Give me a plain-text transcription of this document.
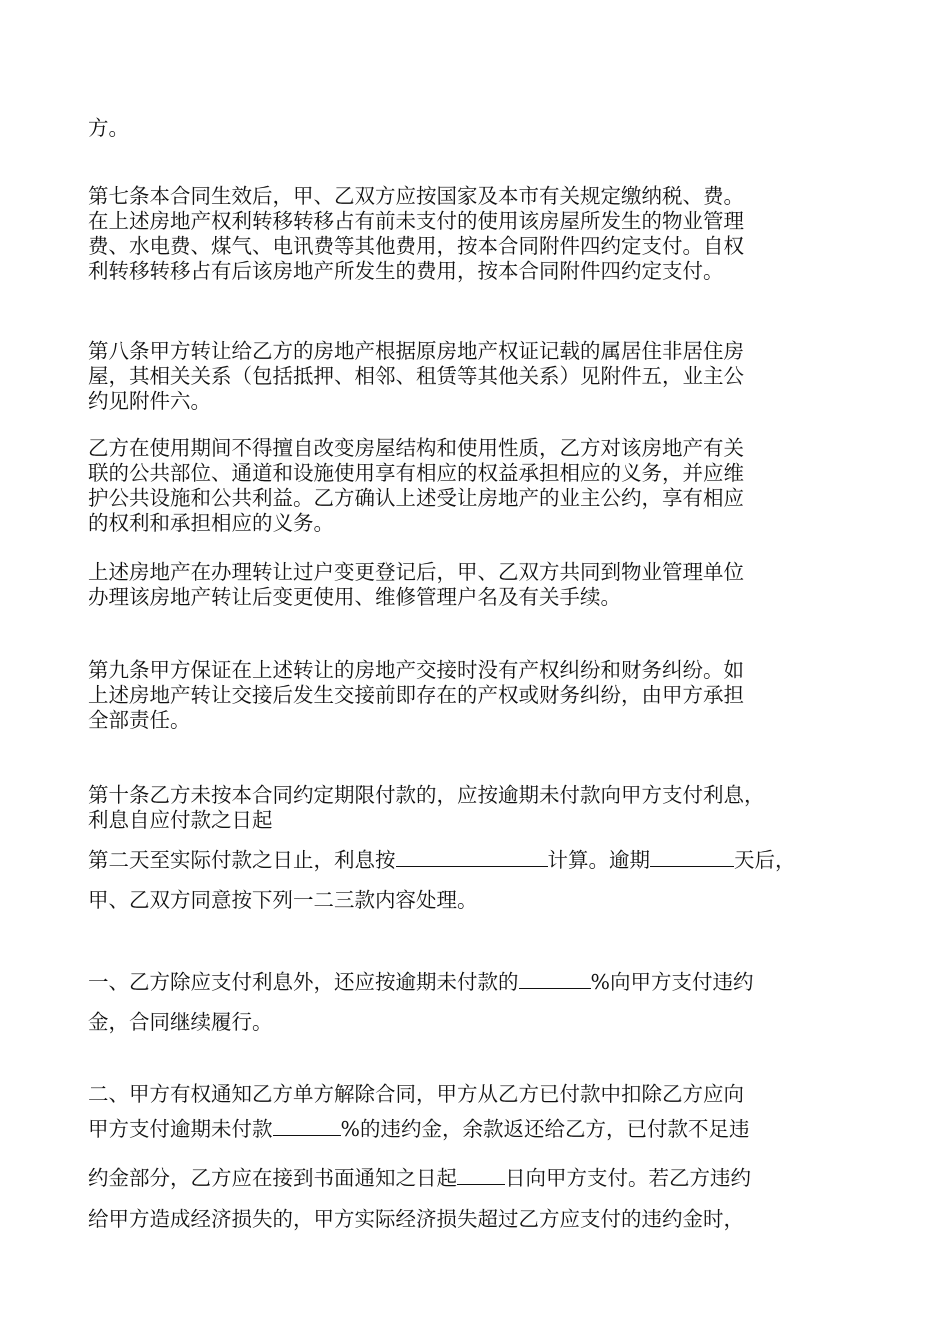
方。

第七条本合同生效后，甲、乙双方应按国家及本市有关规定缴纳税、费。
在上述房地产权利转移转移占有前未支付的使用该房屋所发生的物业管理
费、水电费、煤气、电讯费等其他费用，按本合同附件四约定支付。自权
利转移转移占有后该房地产所发生的费用，按本合同附件四约定支付。

第八条甲方转让给乙方的房地产根据原房地产权证记载的属居住非居住房
屋，其相关关系（包括抵押、相邻、租赁等其他关系）见附件五，业主公
约见附件六。

乙方在使用期间不得擅自改变房屋结构和使用性质，乙方对该房地产有关
联的公共部位、通道和设施使用享有相应的权益承担相应的义务，并应维
护公共设施和公共利益。乙方确认上述受让房地产的业主公约，享有相应
的权利和承担相应的义务。

上述房地产在办理转让过户变更登记后，甲、乙双方共同到物业管理单位
办理该房地产转让后变更使用、维修管理户名及有关手续。

第九条甲方保证在上述转让的房地产交接时没有产权纠纷和财务纠纷。如
上述房地产转让交接后发生交接前即存在的产权或财务纠纷，由甲方承担
全部责任。

第十条乙方未按本合同约定期限付款的，应按逾期未付款向甲方支付利息，
利息自应付款之日起

第二天至实际付款之日止，利息按	计算。逾期	天后，
甲、乙双方同意按下列一二三款内容处理。

一、乙方除应支付利息外，还应按逾期未付款的	%向甲方支付违约
金，合同继续履行。

二、甲方有权通知乙方单方解除合同，甲方从乙方已付款中扣除乙方应向
甲方支付逾期未付款	%的违约金，余款返还给乙方，已付款不足违
约金部分，乙方应在接到书面通知之日起 日向甲方支付。若乙方违约
给甲方造成经济损失的，甲方实际经济损失超过乙方应支付的违约金时，
